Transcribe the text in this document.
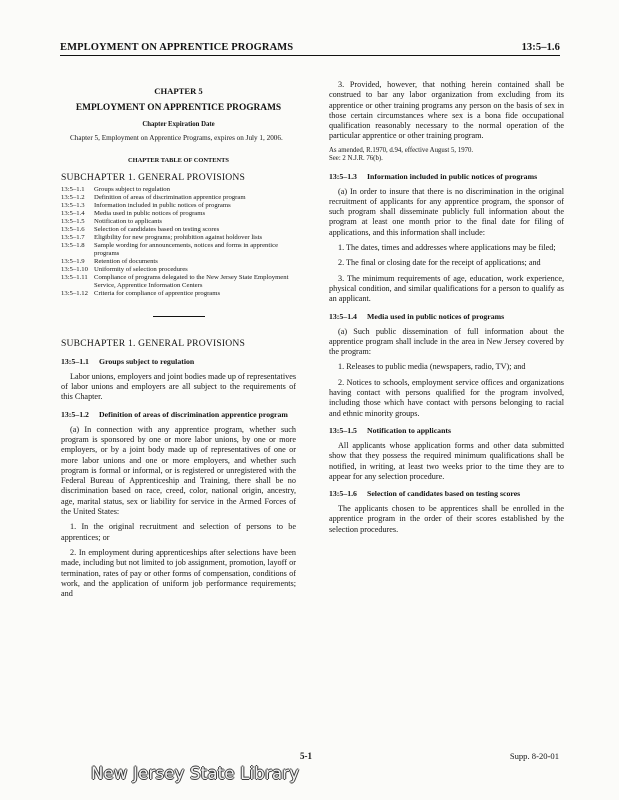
EMPLOYMENT ON APPRENTICE PROGRAMS	13:5–1.6
CHAPTER 5
EMPLOYMENT ON APPRENTICE PROGRAMS
Chapter Expiration Date
Chapter 5, Employment on Apprentice Programs, expires on July 1, 2006.
CHAPTER TABLE OF CONTENTS
SUBCHAPTER 1. GENERAL PROVISIONS
13:5–1.1	Groups subject to regulation
13:5–1.2	Definition of areas of discrimination apprentice program
13:5–1.3	Information included in public notices of programs
13:5–1.4	Media used in public notices of programs
13:5–1.5	Notification to applicants
13:5–1.6	Selection of candidates based on testing scores
13:5–1.7	Eligibility for new programs; prohibition against holdover lists
13:5–1.8	Sample wording for announcements, notices and forms in apprentice programs
13:5–1.9	Retention of documents
13:5–1.10 Uniformity of selection procedures
13:5–1.11 Compliance of programs delegated to the New Jersey State Employment Service, Apprentice Information Centers
13:5–1.12 Criteria for compliance of apprentice programs
SUBCHAPTER 1. GENERAL PROVISIONS
13:5–1.1	Groups subject to regulation

Labor unions, employers and joint bodies made up of representatives of labor unions and employers are all subject to the requirements of this Chapter.

13:5–1.2	Definition of areas of discrimination apprentice program

(a) In connection with any apprentice program, whether such program is sponsored by one or more labor unions, by one or more employers, or by a joint body made up of representatives of one or more labor unions and one or more employers, and whether such program is formal or informal, or is registered or unregistered with the Federal Bureau of Apprenticeship and Training, there shall be no discrimination based on race, creed, color, national origin, ancestry, age, marital status, sex or liability for service in the Armed Forces of the United States:

1. In the original recruitment and selection of persons to be apprentices; or

2. In employment during apprenticeships after selections have been made, including but not limited to job assignment, promotion, layoff or termination, rates of pay or other forms of compensation, conditions of work, and the application of uniform job performance requirements; and

3. Provided, however, that nothing herein contained shall be construed to bar any labor organization from excluding from its apprentice or other training programs any person on the basis of sex in those certain circumstances where sex is a bona fide occupational qualification reasonably necessary to the normal operation of the particular apprentice or other training program.

As amended, R.1970, d.94, effective August 5, 1970.
See: 2 N.J.R. 76(b).
13:5–1.3	Information included in public notices of programs

(a) In order to insure that there is no discrimination in the original recruitment of applicants for any apprentice program, the sponsor of such program shall disseminate publicly full information about the program at least one month prior to the final date for filing of applications, and this information shall include:

1. The dates, times and addresses where applications may be filed;

2. The final or closing date for the receipt of applications; and

3. The minimum requirements of age, education, work experience, physical condition, and similar qualifications for a person to qualify as an applicant.

13:5–1.4	Media used in public notices of programs

(a) Such public dissemination of full information about the apprentice program shall include in the area in New Jersey covered by the program:

1. Releases to public media (newspapers, radio, TV); and

2. Notices to schools, employment service offices and organizations having contact with persons qualified for the program involved, including those which have contact with persons belonging to racial and ethnic minority groups.

13:5–1.5	Notification to applicants

All applicants whose application forms and other data submitted show that they possess the required minimum qualifications shall be notified, in writing, at least two weeks prior to the time they are to appear for any selection procedure.

13:5–1.6	Selection of candidates based on testing scores

The applicants chosen to be apprentices shall be enrolled in the apprentice program in the order of their scores established by the selection procedures.

5-1	Supp. 8-20-01
New Jersey State Library
